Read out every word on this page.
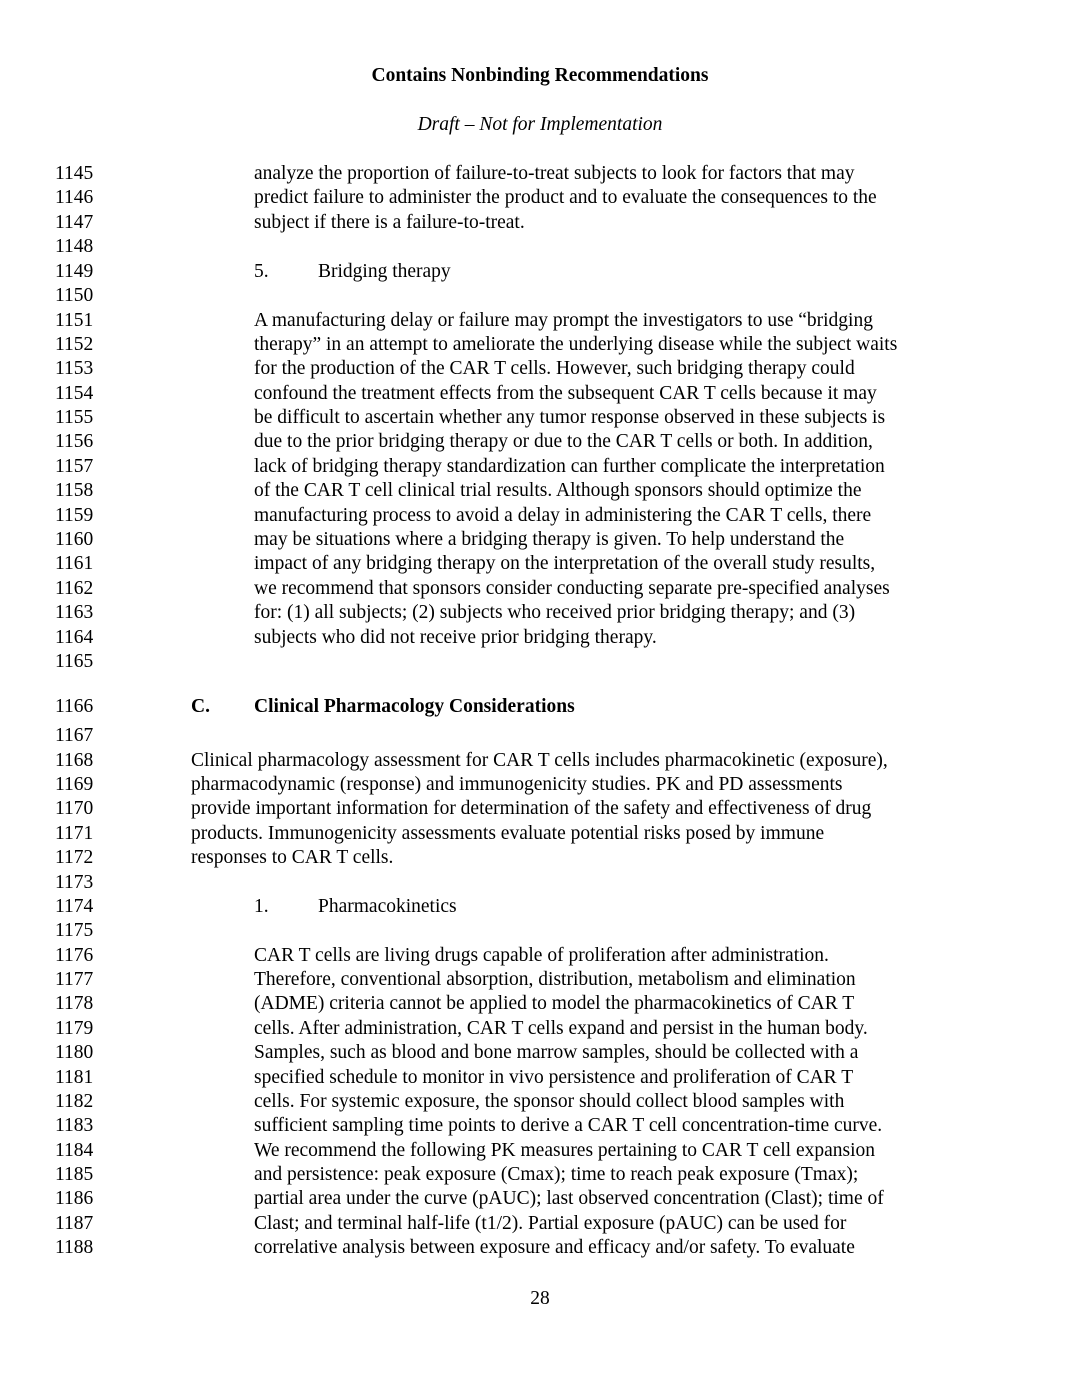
Contains Nonbinding Recommendations
Draft – Not for Implementation
1145	analyze the proportion of failure-to-treat subjects to look for factors that may
1146	predict failure to administer the product and to evaluate the consequences to the
1147	subject if there is a failure-to-treat.
1148
1149	5.	Bridging therapy
1150
1151	A manufacturing delay or failure may prompt the investigators to use “bridging
1152	therapy” in an attempt to ameliorate the underlying disease while the subject waits
1153	for the production of the CAR T cells. However, such bridging therapy could
1154	confound the treatment effects from the subsequent CAR T cells because it may
1155	be difficult to ascertain whether any tumor response observed in these subjects is
1156	due to the prior bridging therapy or due to the CAR T cells or both. In addition,
1157	lack of bridging therapy standardization can further complicate the interpretation
1158	of the CAR T cell clinical trial results. Although sponsors should optimize the
1159	manufacturing process to avoid a delay in administering the CAR T cells, there
1160	may be situations where a bridging therapy is given. To help understand the
1161	impact of any bridging therapy on the interpretation of the overall study results,
1162	we recommend that sponsors consider conducting separate pre-specified analyses
1163	for: (1) all subjects; (2) subjects who received prior bridging therapy; and (3)
1164	subjects who did not receive prior bridging therapy.
1165
1166	C. Clinical Pharmacology Considerations
1167
1168	Clinical pharmacology assessment for CAR T cells includes pharmacokinetic (exposure),
1169	pharmacodynamic (response) and immunogenicity studies. PK and PD assessments
1170	provide important information for determination of the safety and effectiveness of drug
1171	products. Immunogenicity assessments evaluate potential risks posed by immune
1172	responses to CAR T cells.
1173
1174	1.	Pharmacokinetics
1175
1176	CAR T cells are living drugs capable of proliferation after administration.
1177	Therefore, conventional absorption, distribution, metabolism and elimination
1178	(ADME) criteria cannot be applied to model the pharmacokinetics of CAR T
1179	cells. After administration, CAR T cells expand and persist in the human body.
1180	Samples, such as blood and bone marrow samples, should be collected with a
1181	specified schedule to monitor in vivo persistence and proliferation of CAR T
1182	cells. For systemic exposure, the sponsor should collect blood samples with
1183	sufficient sampling time points to derive a CAR T cell concentration-time curve.
1184	We recommend the following PK measures pertaining to CAR T cell expansion
1185	and persistence: peak exposure (Cmax); time to reach peak exposure (Tmax);
1186	partial area under the curve (pAUC); last observed concentration (Clast); time of
1187	Clast; and terminal half-life (t1/2). Partial exposure (pAUC) can be used for
1188	correlative analysis between exposure and efficacy and/or safety. To evaluate
28
